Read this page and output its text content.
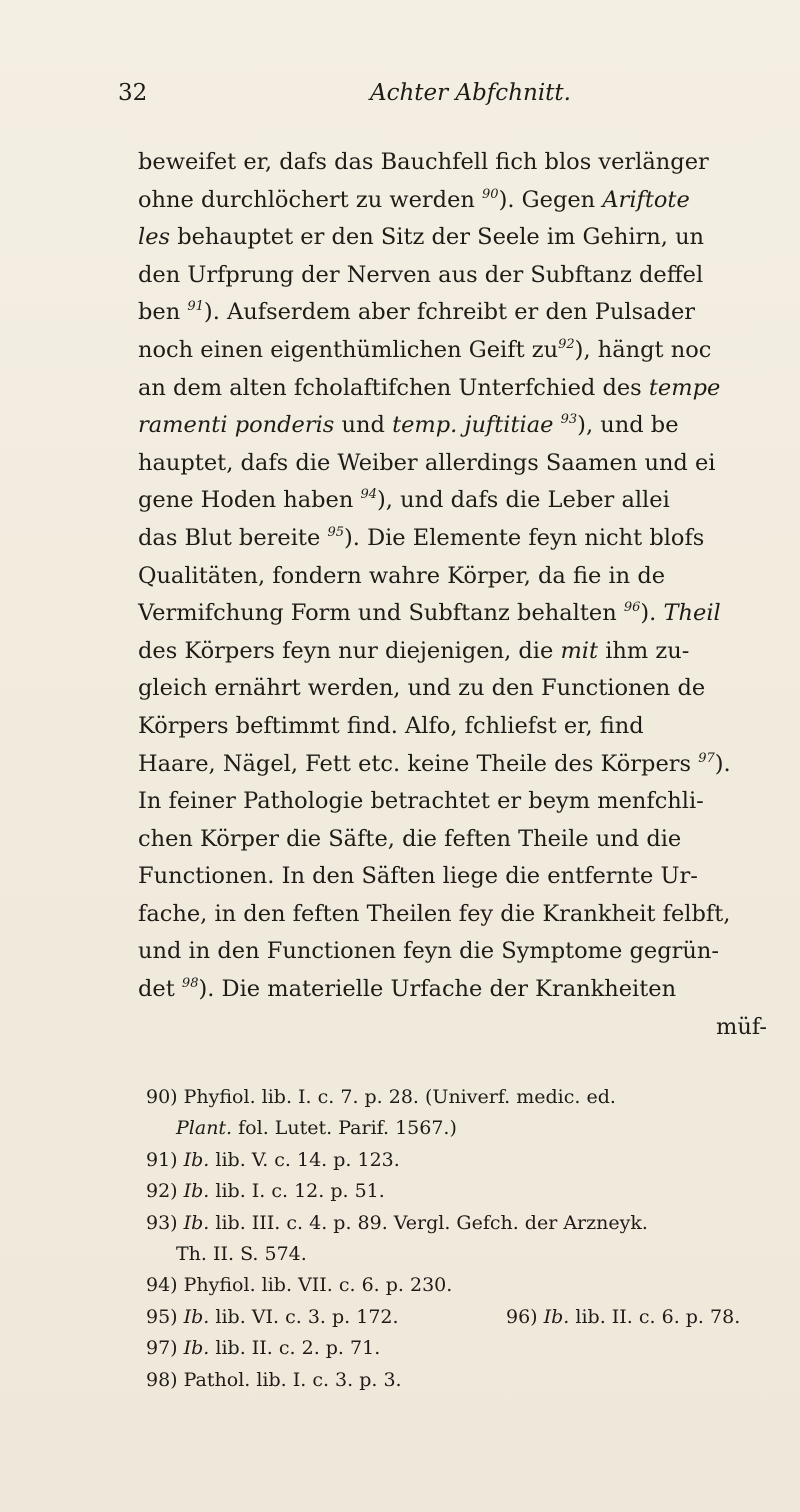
32	Achter Abfchnitt.
beweifet er, dafs das Bauchfell fich blos verlänger
ohne durchlöchert zu werden $^{90}$). Gegen Ariftote
les behauptet er den Sitz der Seele im Gehirn, un
den Urfprung der Nerven aus der Subftanz deffel
ben $^{91}$). Aufserdem aber fchreibt er den Pulsader
noch einen eigenthümlichen Geift $zu^{92}$), hängt noc
an dem alten fcholaftifchen Unterfchied des tempe
ramenti ponderis und temp. juftitiae $^{93}$), und be
hauptet, dafs die Weiber allerdings Saamen und ei
gene Hoden haben $^{94}$), und dafs die Leber allei
das Blut bereite $^{95}$). Die Elemente feyn nicht blofs
Qualitäten, fondern wahre Körper, da fie in de
Vermifchung Form und Subftanz behalten $^{96}$). Theil
des Körpers feyn nur diejenigen, die mit ihm zu-
gleich ernährt werden, und zu den Functionen de
Körpers beftimmt find. Alfo, fchliefst er, find
Haare, Nägel, Fett etc. keine Theile des Körpers $^{97}$).
In feiner Pathologie betrachtet er beym menfchli-
chen Körper die Säfte, die feften Theile und die
Functionen. In den Säften liege die entfernte Ur-
fache, in den feften Theilen fey die Krankheit felbft,
und in den Functionen feyn die Symptome gegrün-
det $^{98}$). Die materielle Urfache der Krankheiten
müf-
90) Phyfiol. lib. I. c. 7. p. 28. (Univerf. medic. ed.
Plant. fol. Lutet. Parif. 1567.)
91) Ib. lib. V. c. 14. p. 123.
92) Ib. lib. I. c. 12. p. 51.
93) Ib. lib. III. c. 4. p. 89. Vergl. Gefch. der Arzneyk.
Th. II. S. 574.
94) Phyfiol. lib. VII. c. 6. p. 230.
95) Ib. lib. VI. c. 3. p. 172.	96) Ib. lib. II. c. 6. p. 78.
97) Ib. lib. II. c. 2. p. 71.
98) Pathol. lib. I. c. 3. p. 3.
